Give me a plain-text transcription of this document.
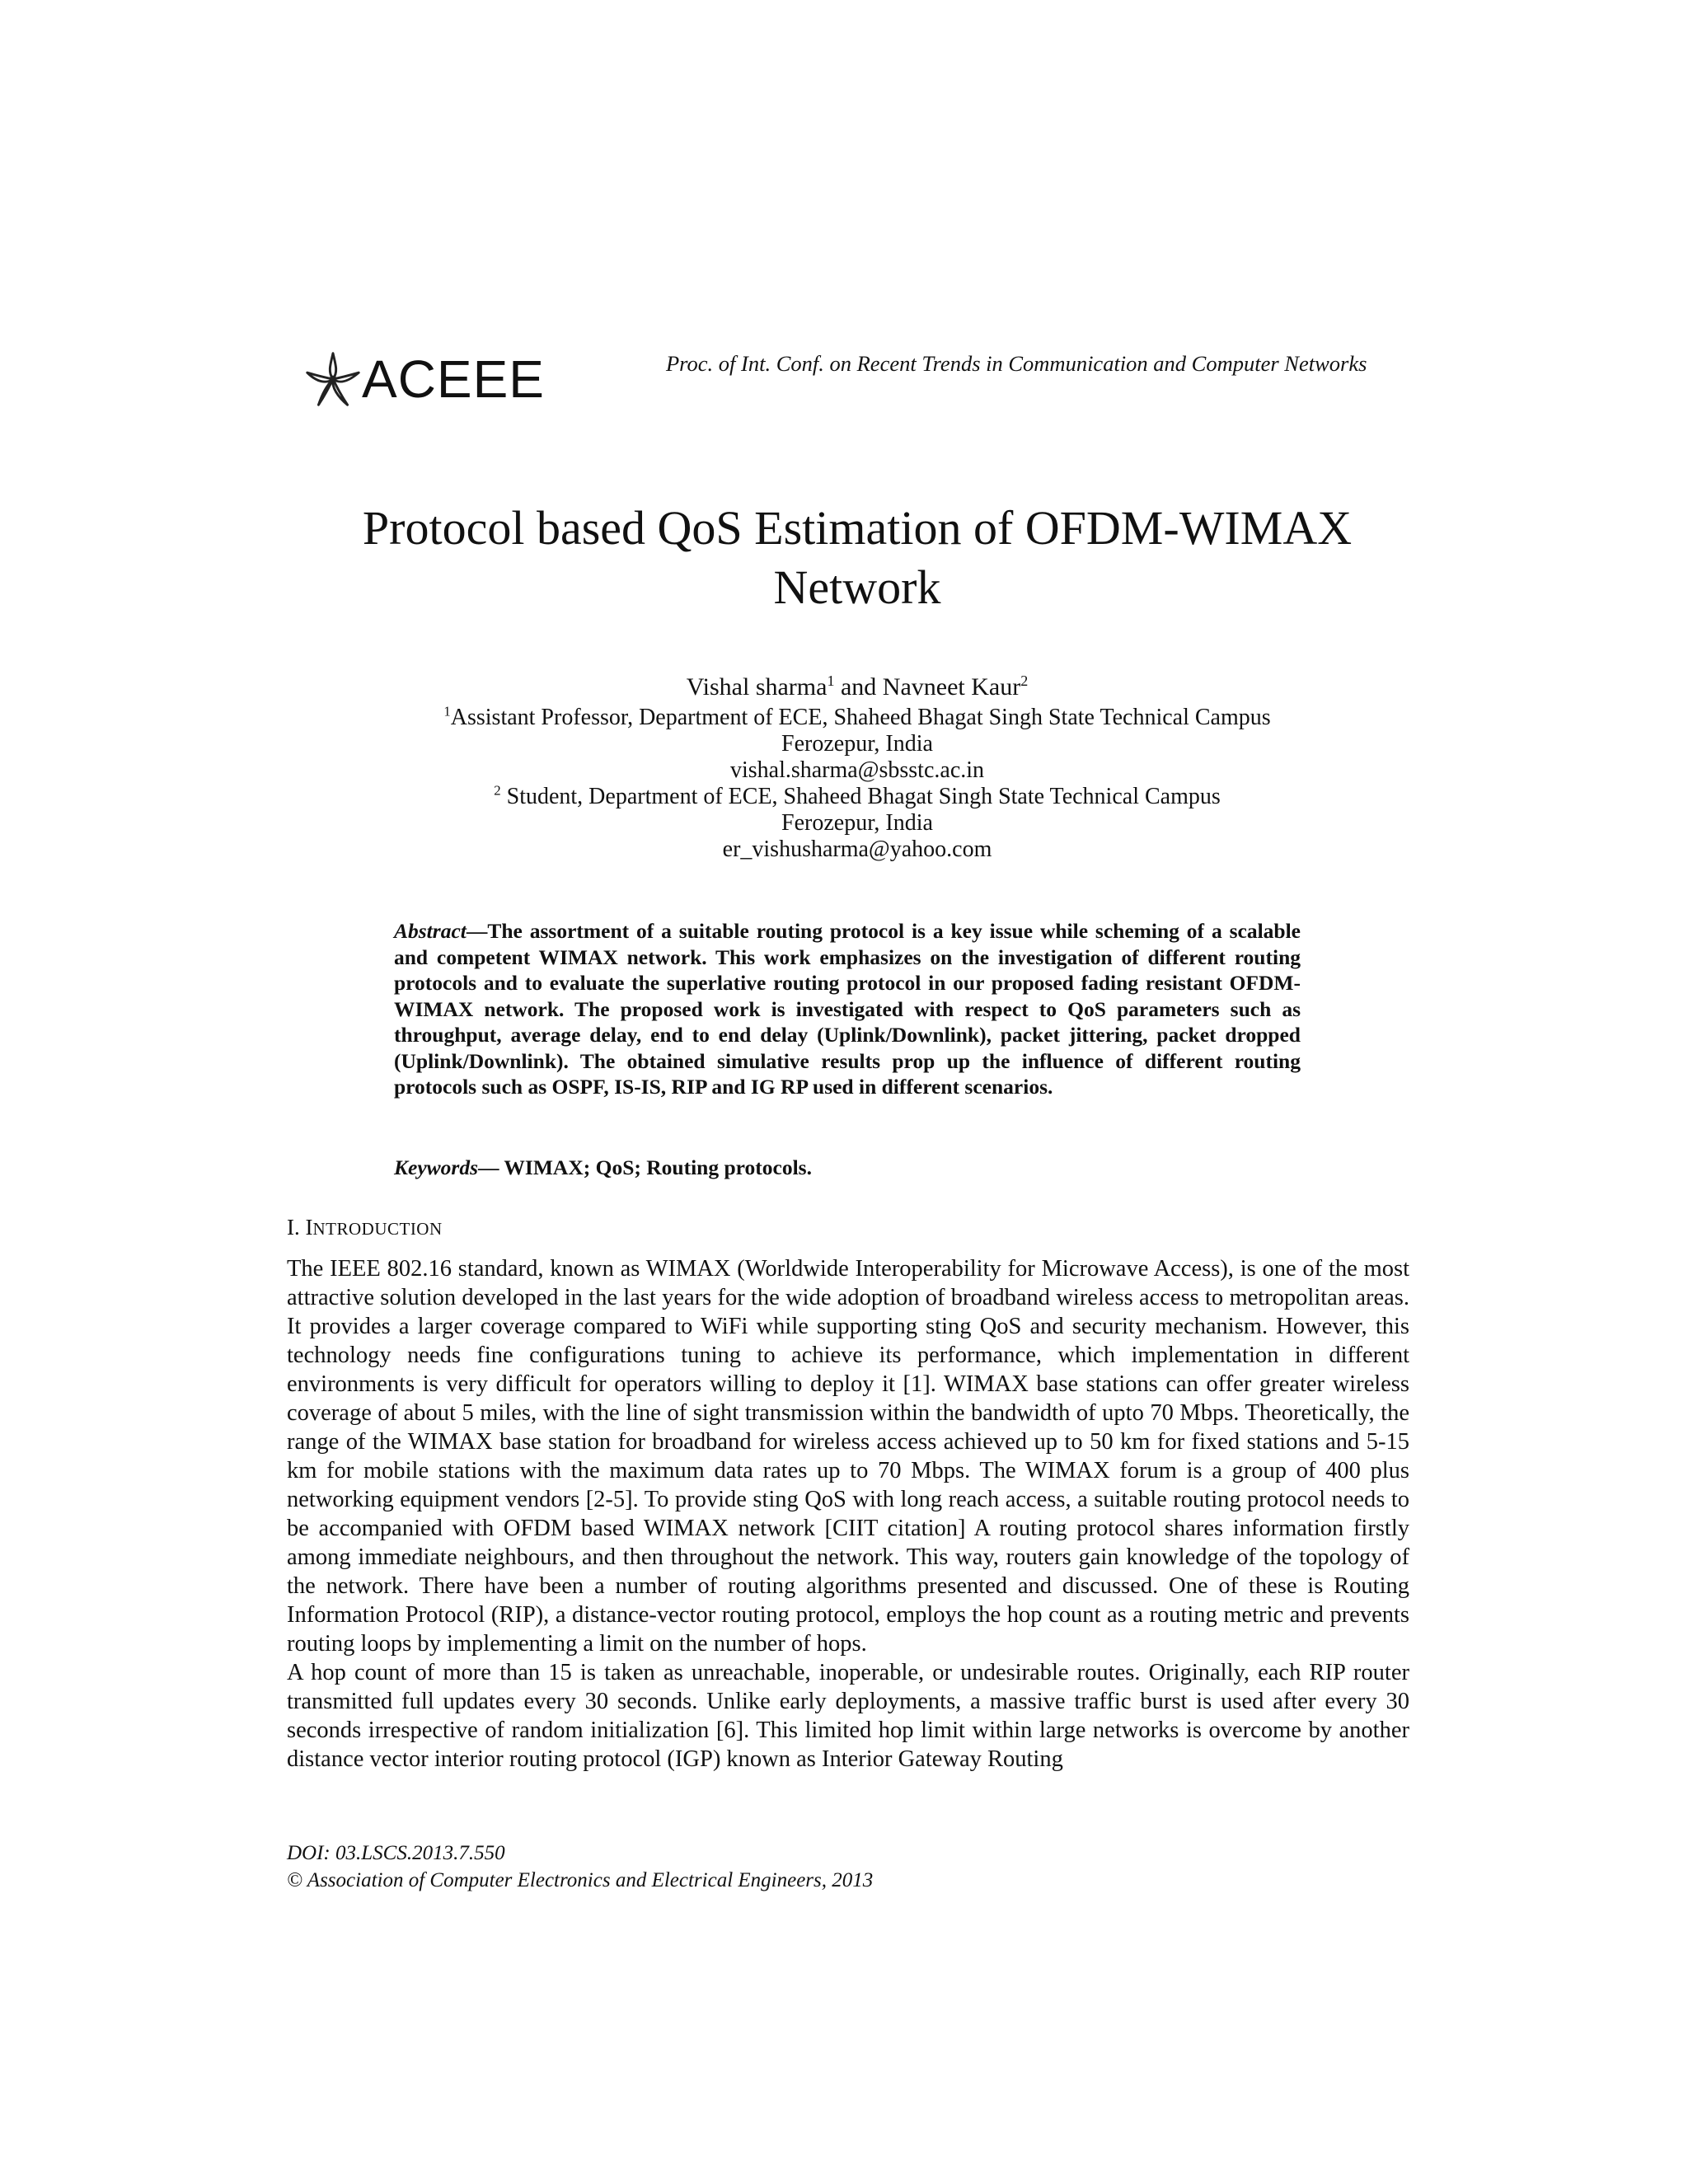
ACEEE	Proc. of Int. Conf. on Recent Trends in Communication and Computer Networks
Protocol based QoS Estimation of OFDM-WIMAX
Network
Vishal sharma$^1$ and Navneet Kaur$^2$
$^1$Assistant Professor, Department of ECE, Shaheed Bhagat Singh State Technical Campus
Ferozepur, India
vishal.sharma@sbsstc.ac.in
$^2$ Student, Department of ECE, Shaheed Bhagat Singh State Technical Campus
Ferozepur, India
er_vishusharma@yahoo.com
Abstract—The assortment of a suitable routing protocol is a key issue while scheming of a scalable and competent WIMAX network. This work emphasizes on the investigation of different routing protocols and to evaluate the superlative routing protocol in our proposed fading resistant OFDM-WIMAX network. The proposed work is investigated with respect to QoS parameters such as throughput, average delay, end to end delay (Uplink/Downlink), packet jittering, packet dropped (Uplink/Downlink). The obtained simulative results prop up the influence of different routing protocols such as OSPF, IS-IS, RIP and IG RP used in different scenarios.
Keywords— WIMAX; QoS; Routing protocols.
I. INTRODUCTION

The IEEE 802.16 standard, known as WIMAX (Worldwide Interoperability for Microwave Access), is one of the most attractive solution developed in the last years for the wide adoption of broadband wireless access to metropolitan areas. It provides a larger coverage compared to WiFi while supporting sting QoS and security mechanism. However, this technology needs fine configurations tuning to achieve its performance, which implementation in different environments is very difficult for operators willing to deploy it [1]. WIMAX base stations can offer greater wireless coverage of about 5 miles, with the line of sight transmission within the bandwidth of upto 70 Mbps. Theoretically, the range of the WIMAX base station for broadband for wireless access achieved up to 50 km for fixed stations and 5-15 km for mobile stations with the maximum data rates up to 70 Mbps. The WIMAX forum is a group of 400 plus networking equipment vendors [2-5]. To provide sting QoS with long reach access, a suitable routing protocol needs to be accompanied with OFDM based WIMAX network [CIIT citation] A routing protocol shares information firstly among immediate neighbours, and then throughout the network. This way, routers gain knowledge of the topology of the network. There have been a number of routing algorithms presented and discussed. One of these is Routing Information Protocol (RIP), a distance-vector routing protocol, employs the hop count as a routing metric and prevents routing loops by implementing a limit on the number of hops.

A hop count of more than 15 is taken as unreachable, inoperable, or undesirable routes. Originally, each RIP router transmitted full updates every 30 seconds. Unlike early deployments, a massive traffic burst is used after every 30 seconds irrespective of random initialization [6]. This limited hop limit within large networks is overcome by another distance vector interior routing protocol (IGP) known as Interior Gateway Routing

DOI: 03.LSCS.2013.7.550
© Association of Computer Electronics and Electrical Engineers, 2013
